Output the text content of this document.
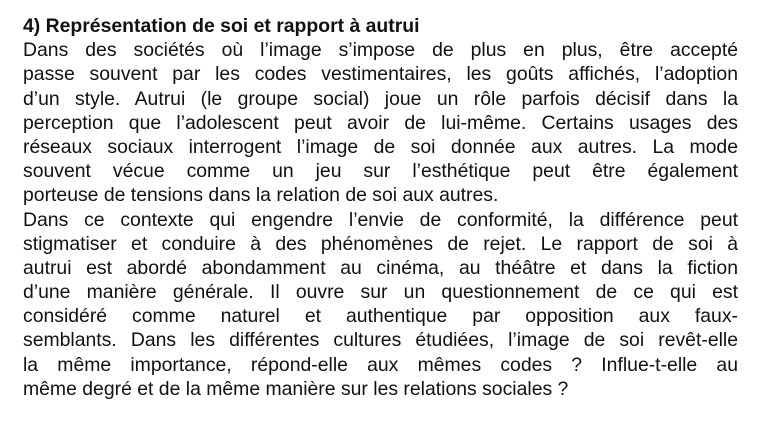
4) Représentation de soi et rapport à autrui
Dans des sociétés où l’image s’impose de plus en plus, être accepté
passe souvent par les codes vestimentaires, les goûts affichés, l’adoption
d’un style. Autrui (le groupe social) joue un rôle parfois décisif dans la
perception que l’adolescent peut avoir de lui-même. Certains usages des
réseaux sociaux interrogent l’image de soi donnée aux autres. La mode
souvent vécue comme un jeu sur l’esthétique peut être également
porteuse de tensions dans la relation de soi aux autres.
Dans ce contexte qui engendre l’envie de conformité, la différence peut
stigmatiser et conduire à des phénomènes de rejet. Le rapport de soi à
autrui est abordé abondamment au cinéma, au théâtre et dans la fiction
d’une manière générale. Il ouvre sur un questionnement de ce qui est
considéré comme naturel et authentique par opposition aux faux-
semblants. Dans les différentes cultures étudiées, l’image de soi revêt-elle
la même importance, répond-elle aux mêmes codes ? Influe-t-elle au
même degré et de la même manière sur les relations sociales ?
